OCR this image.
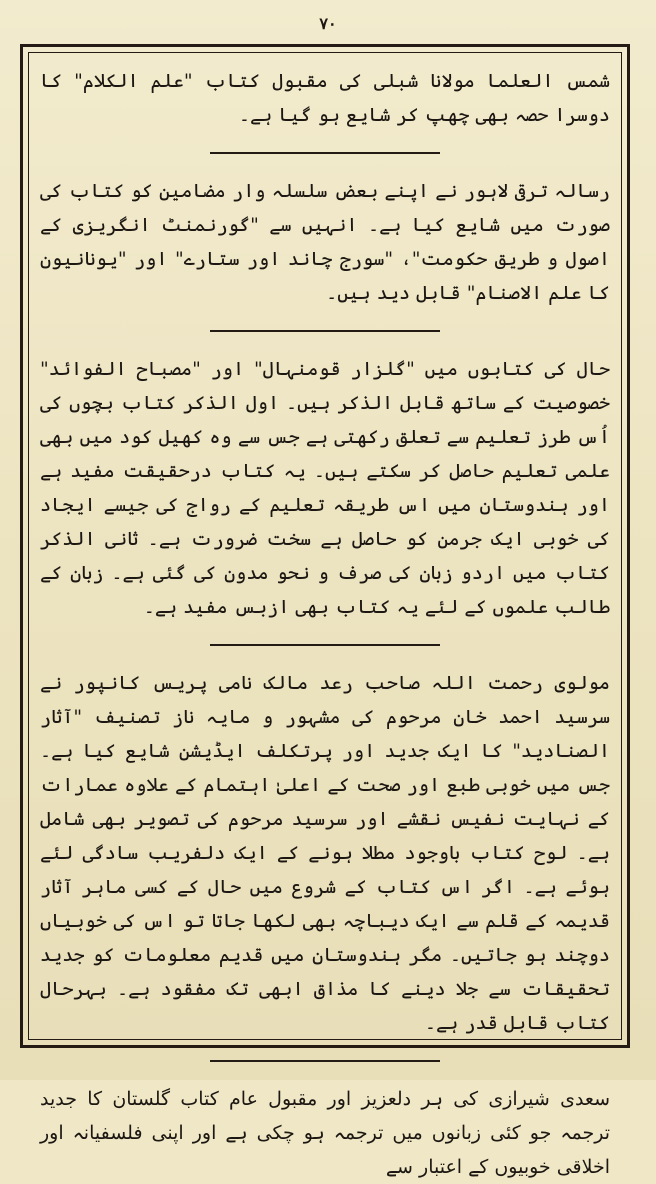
۷۰

شمس العلما مولانا شبلی کی مقبول کتاب "علم الکلام" کا دوسرا حصہ بھی چھپ کر شایع ہو گیا ہے۔

رسالہ ترقی لاہور نے اپنے بعض سلسلہ وار مضامین کو کتاب کی صورت میں شایع کیا ہے۔ انہیں سے "گورنمنٹ انگریزی کے اصول و طریق حکومت"، "سورج چاند اور ستارے" اور "یونانیون کا علم الاصنام" قابل دید ہیں۔

حال کی کتابوں میں "گلزار قومنہال" اور "مصباح الفوائد" خصوصیت کے ساتھ قابل الذکر ہیں۔ اول الذکر کتاب بچوں کی اُس طرز تعلیم سے تعلق رکھتی ہے جس سے وہ کھیل کود میں بھی علمی تعلیم حاصل کر سکتے ہیں۔ یہ کتاب درحقیقت مفید ہے اور ہندوستان میں اس طریقہ تعلیم کے رواج کی جیسے ایجاد کی خوبی ایک جرمن کو حاصل ہے سخت ضرورت ہے۔ ثانی الذکر کتاب میں اردو زبان کی صرف و نحو مدون کی گئی ہے۔ زبان کے طالب علموں کے لئے یہ کتاب بھی ازبس مفید ہے۔

مولوی رحمت اللہ صاحب رعد مالک نامی پریس کانپور نے سرسید احمد خان مرحوم کی مشہور و مایہ ناز تصنیف "آثار الصنادید" کا ایک جدید اور پرتکلف ایڈیشن شایع کیا ہے۔ جس میں خوبی طبع اور صحت کے اعلیٰ اہتمام کے علاوہ عمارات کے نہایت نفیس نقشے اور سرسید مرحوم کی تصویر بھی شامل ہے۔ لوح کتاب باوجود مطلا ہونے کے ایک دلفریب سادگی لئے ہوئے ہے۔ اگر اس کتاب کے شروع میں حال کے کسی ماہر آثار قدیمہ کے قلم سے ایک دیباچہ بھی لکھا جاتا تو اس کی خوبیاں دوچند ہو جاتیں۔ مگر ہندوستان میں قدیم معلومات کو جدید تحقیقات سے جلا دینے کا مذاق ابھی تک مفقود ہے۔ بہرحال کتاب قابل قدر ہے۔

سعدی شیرازی کی ہر دلعزیز اور مقبول عام کتاب گلستان کا جدید ترجمہ جو کئی زبانوں میں ترجمہ ہو چکی ہے اور اپنی فلسفیانہ اور اخلاقی خوبیوں کے اعتبار سے
